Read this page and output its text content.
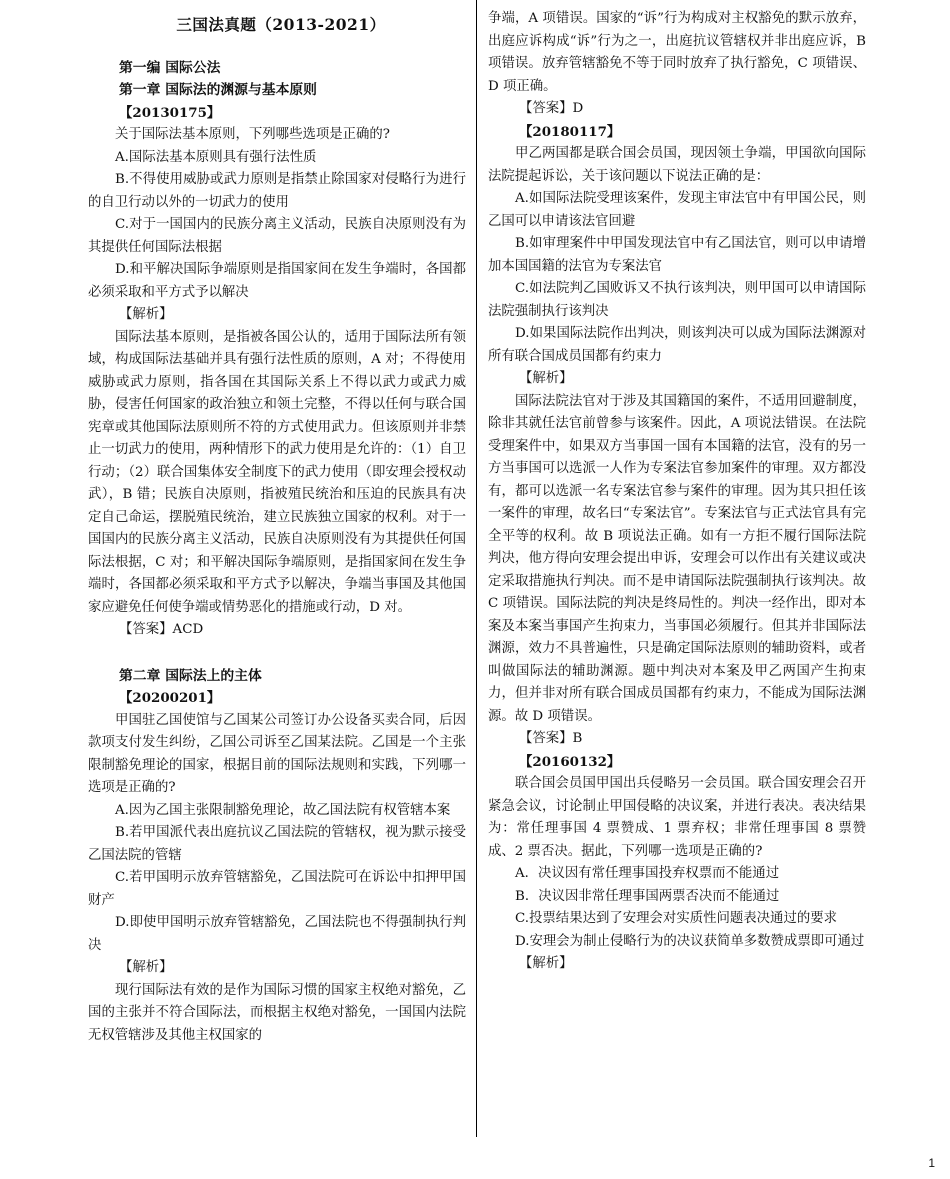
三国法真题（2013-2021）
第一编 国际公法
第一章 国际法的渊源与基本原则
【20130175】

关于国际法基本原则，下列哪些选项是正确的?

A.国际法基本原则具有强行法性质

B.不得使用威胁或武力原则是指禁止除国家对侵略行为进行的自卫行动以外的一切武力的使用

C.对于一国国内的民族分离主义活动，民族自决原则没有为其提供任何国际法根据

D.和平解决国际争端原则是指国家间在发生争端时，各国都必须采取和平方式予以解决

【解析】

国际法基本原则，是指被各国公认的，适用于国际法所有领域，构成国际法基础并具有强行法性质的原则，A 对；不得使用威胁或武力原则，指各国在其国际关系上不得以武力或武力威胁，侵害任何国家的政治独立和领土完整，不得以任何与联合国宪章或其他国际法原则所不符的方式使用武力。但该原则并非禁止一切武力的使用，两种情形下的武力使用是允许的：（1）自卫行动；（2）联合国集体安全制度下的武力使用（即安理会授权动武），B 错；民族自决原则，指被殖民统治和压迫的民族具有决定自己命运，摆脱殖民统治，建立民族独立国家的权利。对于一国国内的民族分离主义活动，民族自决原则没有为其提供任何国际法根据，C 对；和平解决国际争端原则，是指国家间在发生争端时，各国都必须采取和平方式予以解决，争端当事国及其他国家应避免任何使争端或情势恶化的措施或行动，D 对。

【答案】ACD
第二章 国际法上的主体
【20200201】

甲国驻乙国使馆与乙国某公司签订办公设备买卖合同，后因款项支付发生纠纷，乙国公司诉至乙国某法院。乙国是一个主张限制豁免理论的国家，根据目前的国际法规则和实践，下列哪一选项是正确的?

A.因为乙国主张限制豁免理论，故乙国法院有权管辖本案

B.若甲国派代表出庭抗议乙国法院的管辖权，视为默示接受乙国法院的管辖

C.若甲国明示放弃管辖豁免，乙国法院可在诉讼中扣押甲国财产

D.即使甲国明示放弃管辖豁免，乙国法院也不得强制执行判决

【解析】

现行国际法有效的是作为国际习惯的国家主权绝对豁免，乙国的主张并不符合国际法，而根据主权绝对豁免，一国国内法院无权管辖涉及其他主权国家的

争端，A 项错误。国家的“诉”行为构成对主权豁免的默示放弃，出庭应诉构成“诉”行为之一，出庭抗议管辖权并非出庭应诉，B 项错误。放弃管辖豁免不等于同时放弃了执行豁免，C 项错误、D 项正确。

【答案】D
【20180117】

甲乙两国都是联合国会员国，现因领土争端，甲国欲向国际法院提起诉讼，关于该问题以下说法正确的是：

A.如国际法院受理该案件，发现主审法官中有甲国公民，则乙国可以申请该法官回避

B.如审理案件中甲国发现法官中有乙国法官，则可以申请增加本国国籍的法官为专案法官

C.如法院判乙国败诉又不执行该判决，则甲国可以申请国际法院强制执行该判决

D.如果国际法院作出判决，则该判决可以成为国际法渊源对所有联合国成员国都有约束力

【解析】

国际法院法官对于涉及其国籍国的案件，不适用回避制度，除非其就任法官前曾参与该案件。因此，A 项说法错误。在法院受理案件中，如果双方当事国一国有本国籍的法官，没有的另一方当事国可以选派一人作为专案法官参加案件的审理。双方都没有，都可以选派一名专案法官参与案件的审理。因为其只担任该一案件的审理，故名曰“专案法官”。专案法官与正式法官具有完全平等的权利。故 B 项说法正确。如有一方拒不履行国际法院判决，他方得向安理会提出申诉，安理会可以作出有关建议或决定采取措施执行判决。而不是申请国际法院强制执行该判决。故 C 项错误。国际法院的判决是终局性的。判决一经作出，即对本案及本案当事国产生拘束力，当事国必须履行。但其并非国际法渊源，效力不具普遍性，只是确定国际法原则的辅助资料，或者叫做国际法的辅助渊源。题中判决对本案及甲乙两国产生拘束力，但并非对所有联合国成员国都有约束力，不能成为国际法渊源。故 D 项错误。

【答案】B
【20160132】

联合国会员国甲国出兵侵略另一会员国。联合国安理会召开紧急会议，讨论制止甲国侵略的决议案，并进行表决。表决结果为：常任理事国 4 票赞成、1 票弃权；非常任理事国 8 票赞成、2 票否决。据此，下列哪一选项是正确的?

A．决议因有常任理事国投弃权票而不能通过

B．决议因非常任理事国两票否决而不能通过

C.投票结果达到了安理会对实质性问题表决通过的要求

D.安理会为制止侵略行为的决议获简单多数赞成票即可通过

【解析】
1
